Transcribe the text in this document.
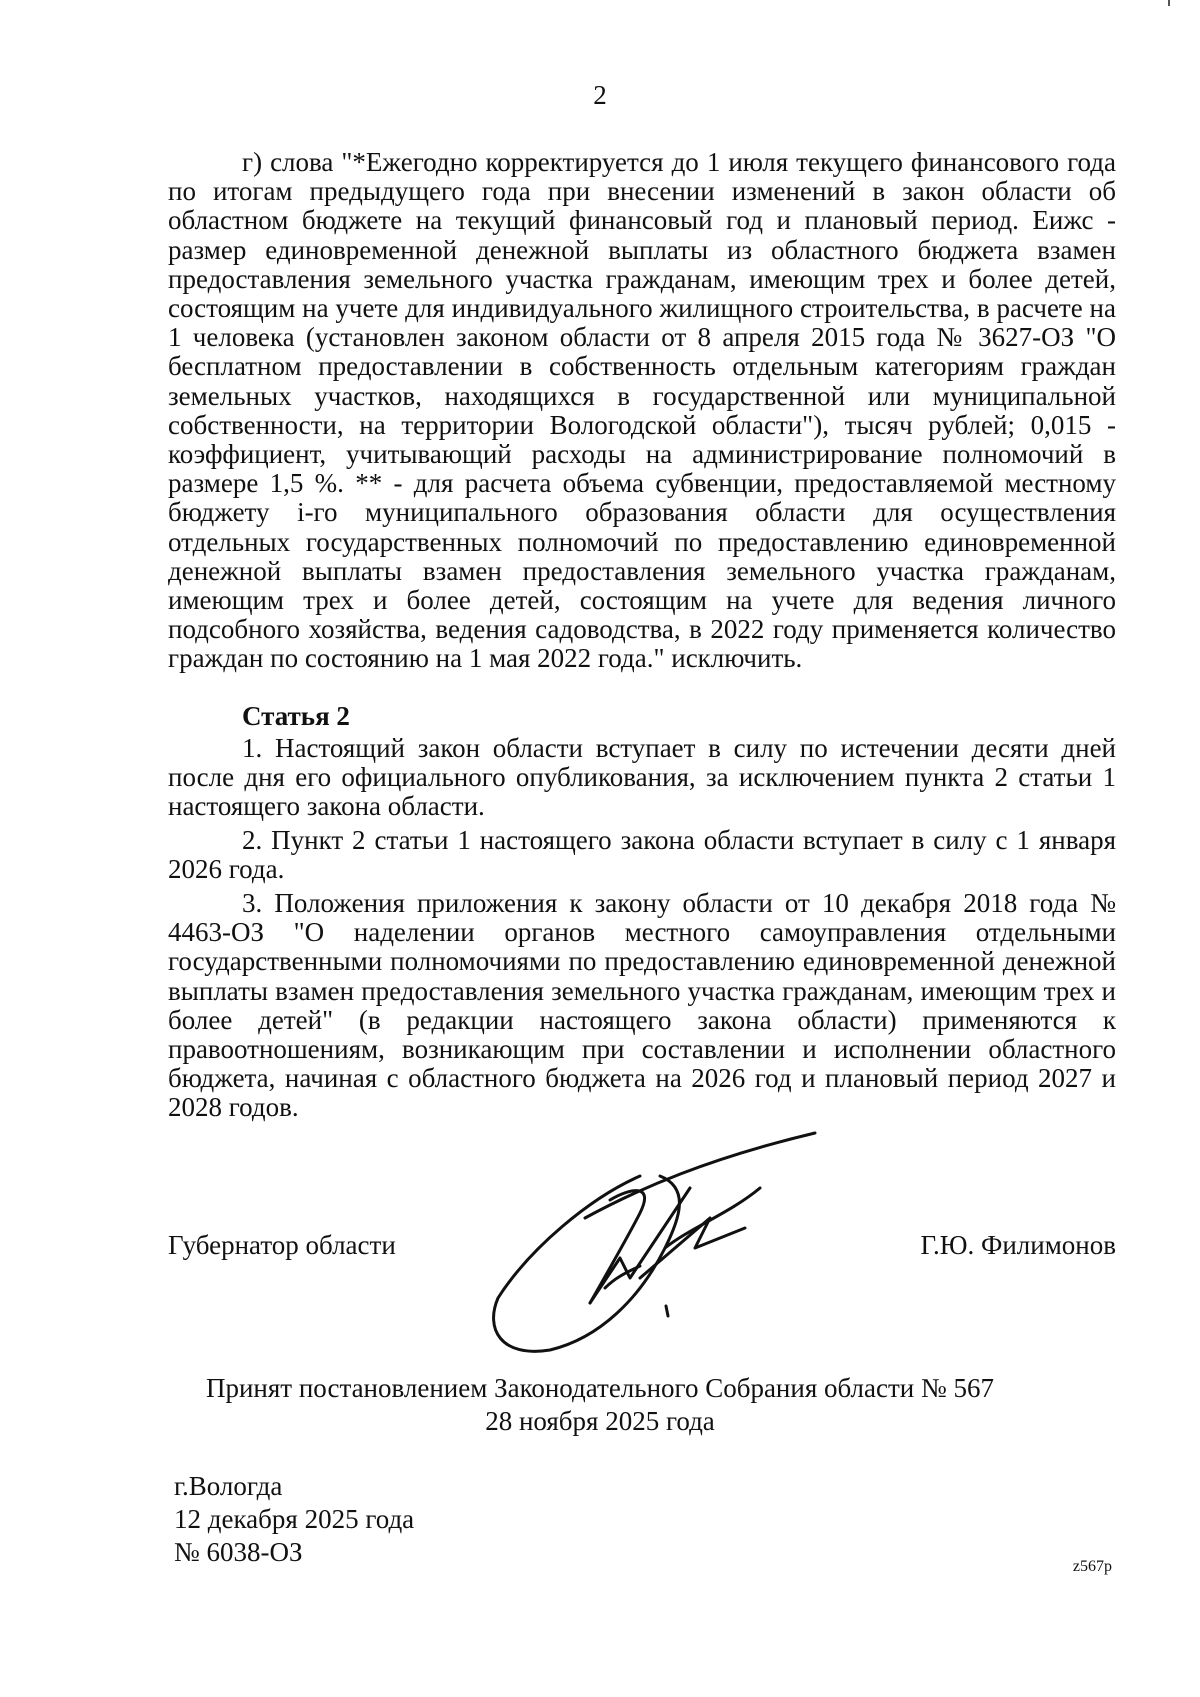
2

г) слова "*Ежегодно корректируется до 1 июля текущего финансового года по итогам предыдущего года при внесении изменений в закон области об областном бюджете на текущий финансовый год и плановый период. Еижс - размер единовременной денежной выплаты из областного бюджета взамен предоставления земельного участка гражданам, имеющим трех и более детей, состоящим на учете для индивидуального жилищного строительства, в расчете на 1 человека (установлен законом области от 8 апреля 2015 года № 3627-ОЗ "О бесплатном предоставлении в собственность отдельным категориям граждан земельных участков, находящихся в государственной или муниципальной собственности, на территории Вологодской области"), тысяч рублей; 0,015 - коэффициент, учитывающий расходы на администрирование полномочий в размере 1,5 %. ** - для расчета объема субвенции, предоставляемой местному бюджету i-го муниципального образования области для осуществления отдельных государственных полномочий по предоставлению единовременной денежной выплаты взамен предоставления земельного участка гражданам, имеющим трех и более детей, состоящим на учете для ведения личного подсобного хозяйства, ведения садоводства, в 2022 году применяется количество граждан по состоянию на 1 мая 2022 года." исключить.

Статья 2

1. Настоящий закон области вступает в силу по истечении десяти дней после дня его официального опубликования, за исключением пункта 2 статьи 1 настоящего закона области.

2. Пункт 2 статьи 1 настоящего закона области вступает в силу с 1 января 2026 года.

3. Положения приложения к закону области от 10 декабря 2018 года № 4463-ОЗ "О наделении органов местного самоуправления отдельными государственными полномочиями по предоставлению единовременной денежной выплаты взамен предоставления земельного участка гражданам, имеющим трех и более детей" (в редакции настоящего закона области) применяются к правоотношениям, возникающим при составлении и исполнении областного бюджета, начиная с областного бюджета на 2026 год и плановый период 2027 и 2028 годов.

Губернатор области	Г.Ю. Филимонов
Принят постановлением Законодательного Собрания области № 567
28 ноября 2025 года
г.Вологда
12 декабря 2025 года
№ 6038-ОЗ	z567p
